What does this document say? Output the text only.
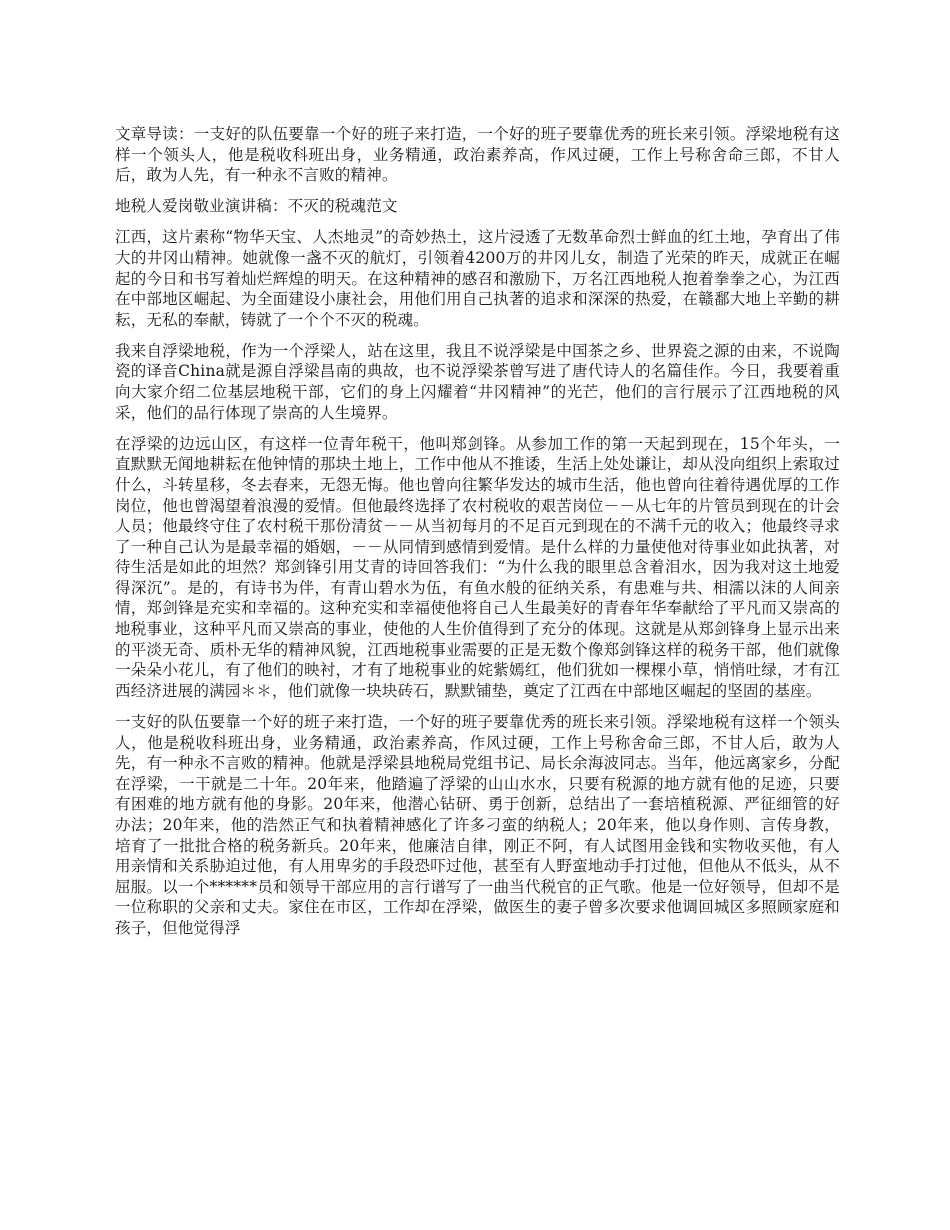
文章导读：一支好的队伍要靠一个好的班子来打造，一个好的班子要靠优秀的班长来引领。浮梁地税有这样一个领头人，他是税收科班出身，业务精通，政治素养高，作风过硬，工作上号称舍命三郎，不甘人后，敢为人先，有一种永不言败的精神。

地税人爱岗敬业演讲稿：不灭的税魂范文

江西，这片素称“物华天宝、人杰地灵”的奇妙热土，这片浸透了无数革命烈士鲜血的红土地，孕育出了伟大的井冈山精神。她就像一盏不灭的航灯，引领着4200万的井冈儿女，制造了光荣的昨天，成就正在崛起的今日和书写着灿烂辉煌的明天。在这种精神的感召和激励下，万名江西地税人抱着拳拳之心，为江西在中部地区崛起、为全面建设小康社会，用他们用自己执著的追求和深深的热爱，在赣鄱大地上辛勤的耕耘，无私的奉献，铸就了一个个不灭的税魂。

我来自浮梁地税，作为一个浮梁人，站在这里，我且不说浮梁是中国茶之乡、世界瓷之源的由来，不说陶瓷的译音China就是源自浮梁昌南的典故，也不说浮梁茶曾写进了唐代诗人的名篇佳作。今日，我要着重向大家介绍二位基层地税干部，它们的身上闪耀着“井冈精神”的光芒，他们的言行展示了江西地税的风采，他们的品行体现了崇高的人生境界。

在浮梁的边远山区，有这样一位青年税干，他叫郑剑锋。从参加工作的第一天起到现在，15个年头，一直默默无闻地耕耘在他钟情的那块土地上，工作中他从不推诿，生活上处处谦让，却从没向组织上索取过什么，斗转星移，冬去春来，无怨无悔。他也曾向往繁华发达的城市生活，他也曾向往着待遇优厚的工作岗位，他也曾渴望着浪漫的爱情。但他最终选择了农村税收的艰苦岗位－－从七年的片管员到现在的计会人员；他最终守住了农村税干那份清贫－－从当初每月的不足百元到现在的不满千元的收入；他最终寻求了一种自己认为是最幸福的婚姻，－－从同情到感情到爱情。是什么样的力量使他对待事业如此执著，对待生活是如此的坦然？郑剑锋引用艾青的诗回答我们：“为什么我的眼里总含着泪水，因为我对这土地爱得深沉”。是的，有诗书为伴，有青山碧水为伍，有鱼水般的征纳关系，有患难与共、相濡以沫的人间亲情，郑剑锋是充实和幸福的。这种充实和幸福使他将自己人生最美好的青春年华奉献给了平凡而又崇高的地税事业，这种平凡而又崇高的事业，使他的人生价值得到了充分的体现。这就是从郑剑锋身上显示出来的平淡无奇、质朴无华的精神风貌，江西地税事业需要的正是无数个像郑剑锋这样的税务干部，他们就像一朵朵小花儿，有了他们的映衬，才有了地税事业的姹紫嫣红，他们犹如一棵棵小草，悄悄吐绿，才有江西经济进展的满园＊＊，他们就像一块块砖石，默默铺垫，奠定了江西在中部地区崛起的坚固的基座。

一支好的队伍要靠一个好的班子来打造，一个好的班子要靠优秀的班长来引领。浮梁地税有这样一个领头人，他是税收科班出身，业务精通，政治素养高，作风过硬，工作上号称舍命三郎，不甘人后，敢为人先，有一种永不言败的精神。他就是浮梁县地税局党组书记、局长余海波同志。当年，他远离家乡，分配在浮梁，一干就是二十年。20年来，他踏遍了浮梁的山山水水，只要有税源的地方就有他的足迹，只要有困难的地方就有他的身影。20年来，他潜心钻研、勇于创新，总结出了一套培植税源、严征细管的好办法；20年来，他的浩然正气和执着精神感化了许多刁蛮的纳税人；20年来，他以身作则、言传身教，培育了一批批合格的税务新兵。20年来，他廉洁自律，刚正不阿，有人试图用金钱和实物收买他，有人用亲情和关系胁迫过他，有人用卑劣的手段恐吓过他，甚至有人野蛮地动手打过他，但他从不低头，从不屈服。以一个******员和领导干部应用的言行谱写了一曲当代税官的正气歌。他是一位好领导，但却不是一位称职的父亲和丈夫。家住在市区，工作却在浮梁，做医生的妻子曾多次要求他调回城区多照顾家庭和孩子，但他觉得浮
